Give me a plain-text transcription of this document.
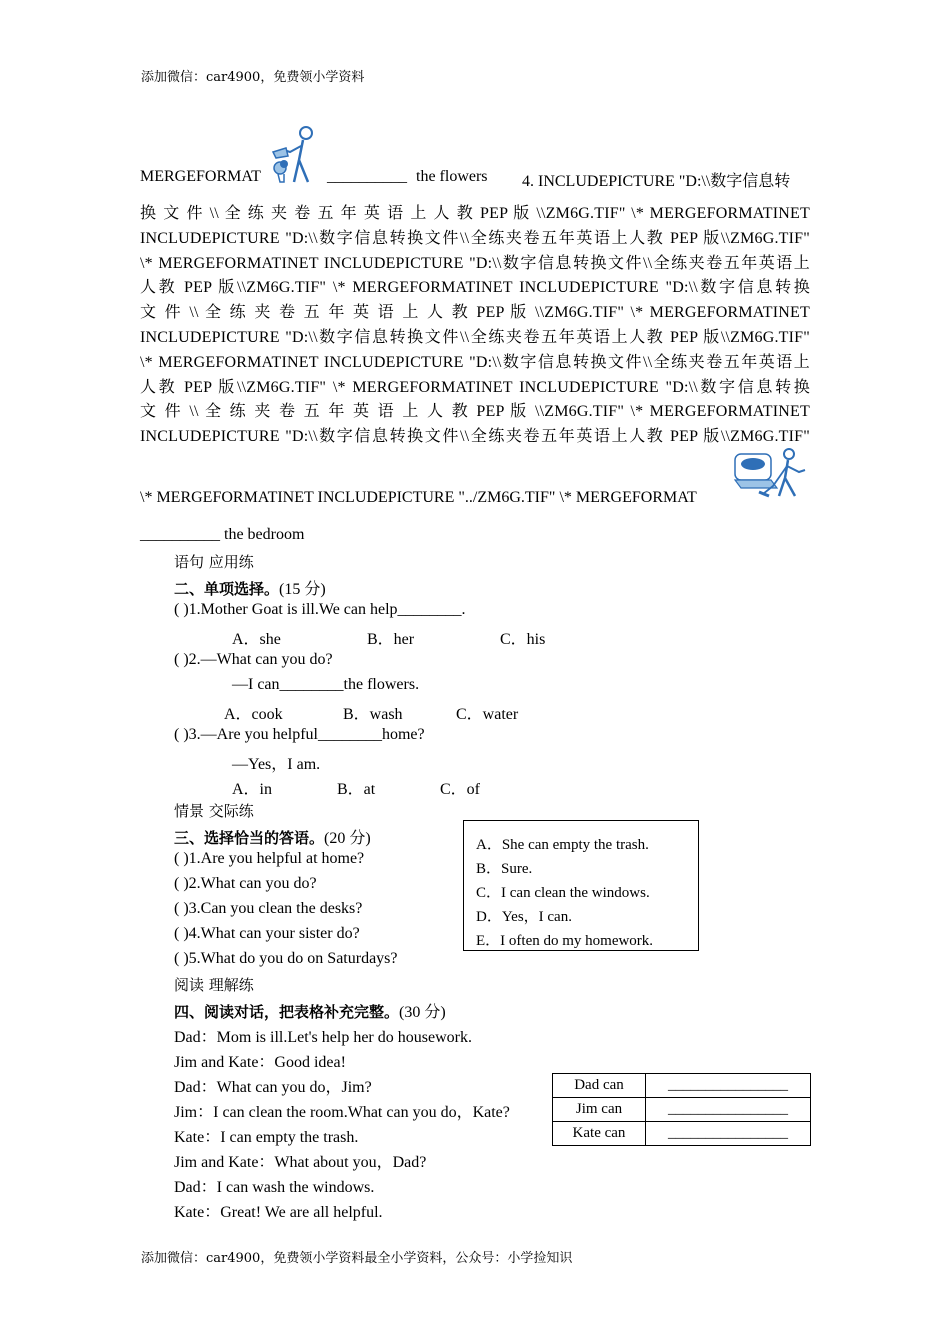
添加微信：car4900，免费领小学资料
MERGEFORMAT	__________ the flowers 4. INCLUDEPICTURE "D:\\数字信息转
换 文 件 \\ 全 练 夹 卷 五 年 英 语 上 人 教 PEP 版 \\ZM6G.TIF" \* MERGEFORMATINET
INCLUDEPICTURE "D:\\数字信息转换文件\\全练夹卷五年英语上人教 PEP 版\\ZM6G.TIF"
\* MERGEFORMATINET INCLUDEPICTURE "D:\\数字信息转换文件\\全练夹卷五年英语上
人教 PEP 版\\ZM6G.TIF" \* MERGEFORMATINET INCLUDEPICTURE "D:\\数字信息转换
文 件 \\ 全 练 夹 卷 五 年 英 语 上 人 教 PEP 版 \\ZM6G.TIF" \* MERGEFORMATINET
INCLUDEPICTURE "D:\\数字信息转换文件\\全练夹卷五年英语上人教 PEP 版\\ZM6G.TIF"
\* MERGEFORMATINET INCLUDEPICTURE "D:\\数字信息转换文件\\全练夹卷五年英语上
人教 PEP 版\\ZM6G.TIF" \* MERGEFORMATINET INCLUDEPICTURE "D:\\数字信息转换
文 件 \\ 全 练 夹 卷 五 年 英 语 上 人 教 PEP 版 \\ZM6G.TIF" \* MERGEFORMATINET
INCLUDEPICTURE "D:\\数字信息转换文件\\全练夹卷五年英语上人教 PEP 版\\ZM6G.TIF"
\* MERGEFORMATINET INCLUDEPICTURE "../ZM6G.TIF" \* MERGEFORMAT
__________ the bedroom
语句 应用练
二、单项选择。(15 分)
( )1.Mother Goat is ill.We can help________.
A．she	B．her	C．his
( )2.—What can you do?
—I can________the flowers.
A．cook	B．wash	C．water
( )3.—Are you helpful________home?
—Yes，I am.
A．in	B．at	C．of
情景 交际练
三、选择恰当的答语。(20 分)
( )1.Are you helpful at home?
( )2.What can you do?
( )3.Can you clean the desks?
( )4.What can your sister do?
( )5.What do you do on Saturdays?
A．She can empty the trash.
B．Sure.
C．I can clean the windows.
D．Yes，I can.
E．I often do my homework.
阅读 理解练
四、阅读对话，把表格补充完整。(30 分)
Dad：Mom is ill.Let's help her do housework.
Jim and Kate：Good idea!
Dad：What can you do，Jim?
Jim：I can clean the room.What can you do，Kate?
Kate：I can empty the trash.
Jim and Kate：What about you，Dad?
Dad：I can wash the windows.
Kate：Great! We are all helpful.
Dad can	________________
Jim can	________________
Kate can	________________
添加微信：car4900，免费领小学资料最全小学资料，公众号：小学捡知识
